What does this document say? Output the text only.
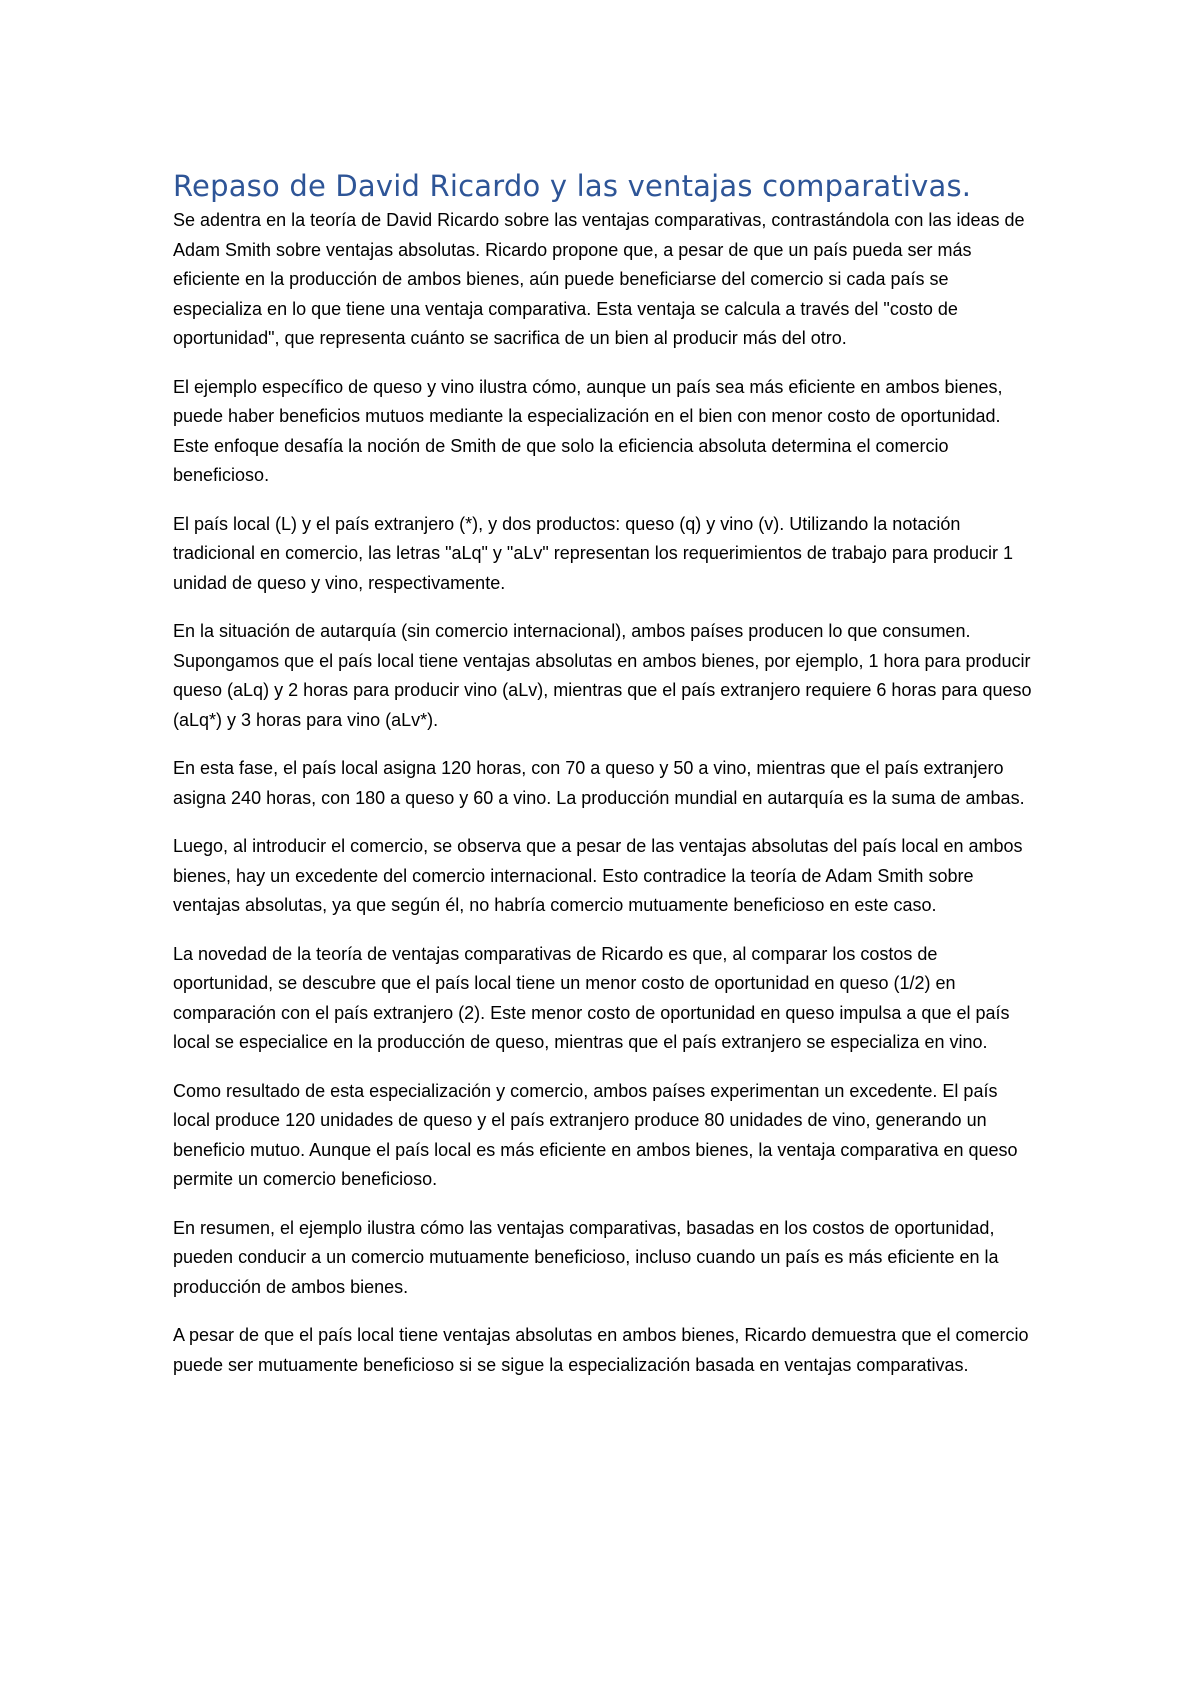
Repaso de David Ricardo y las ventajas comparativas.

Se adentra en la teoría de David Ricardo sobre las ventajas comparativas, contrastándola con las ideas de Adam Smith sobre ventajas absolutas. Ricardo propone que, a pesar de que un país pueda ser más eficiente en la producción de ambos bienes, aún puede beneficiarse del comercio si cada país se especializa en lo que tiene una ventaja comparativa. Esta ventaja se calcula a través del "costo de oportunidad", que representa cuánto se sacrifica de un bien al producir más del otro.

El ejemplo específico de queso y vino ilustra cómo, aunque un país sea más eficiente en ambos bienes, puede haber beneficios mutuos mediante la especialización en el bien con menor costo de oportunidad. Este enfoque desafía la noción de Smith de que solo la eficiencia absoluta determina el comercio beneficioso.

El país local (L) y el país extranjero (*), y dos productos: queso (q) y vino (v). Utilizando la notación tradicional en comercio, las letras "aLq" y "aLv" representan los requerimientos de trabajo para producir 1 unidad de queso y vino, respectivamente.

En la situación de autarquía (sin comercio internacional), ambos países producen lo que consumen. Supongamos que el país local tiene ventajas absolutas en ambos bienes, por ejemplo, 1 hora para producir queso (aLq) y 2 horas para producir vino (aLv), mientras que el país extranjero requiere 6 horas para queso (aLq*) y 3 horas para vino (aLv*).

En esta fase, el país local asigna 120 horas, con 70 a queso y 50 a vino, mientras que el país extranjero asigna 240 horas, con 180 a queso y 60 a vino. La producción mundial en autarquía es la suma de ambas.

Luego, al introducir el comercio, se observa que a pesar de las ventajas absolutas del país local en ambos bienes, hay un excedente del comercio internacional. Esto contradice la teoría de Adam Smith sobre ventajas absolutas, ya que según él, no habría comercio mutuamente beneficioso en este caso.

La novedad de la teoría de ventajas comparativas de Ricardo es que, al comparar los costos de oportunidad, se descubre que el país local tiene un menor costo de oportunidad en queso (1/2) en comparación con el país extranjero (2). Este menor costo de oportunidad en queso impulsa a que el país local se especialice en la producción de queso, mientras que el país extranjero se especializa en vino.

Como resultado de esta especialización y comercio, ambos países experimentan un excedente. El país local produce 120 unidades de queso y el país extranjero produce 80 unidades de vino, generando un beneficio mutuo. Aunque el país local es más eficiente en ambos bienes, la ventaja comparativa en queso permite un comercio beneficioso.

En resumen, el ejemplo ilustra cómo las ventajas comparativas, basadas en los costos de oportunidad, pueden conducir a un comercio mutuamente beneficioso, incluso cuando un país es más eficiente en la producción de ambos bienes.

A pesar de que el país local tiene ventajas absolutas en ambos bienes, Ricardo demuestra que el comercio puede ser mutuamente beneficioso si se sigue la especialización basada en ventajas comparativas.
